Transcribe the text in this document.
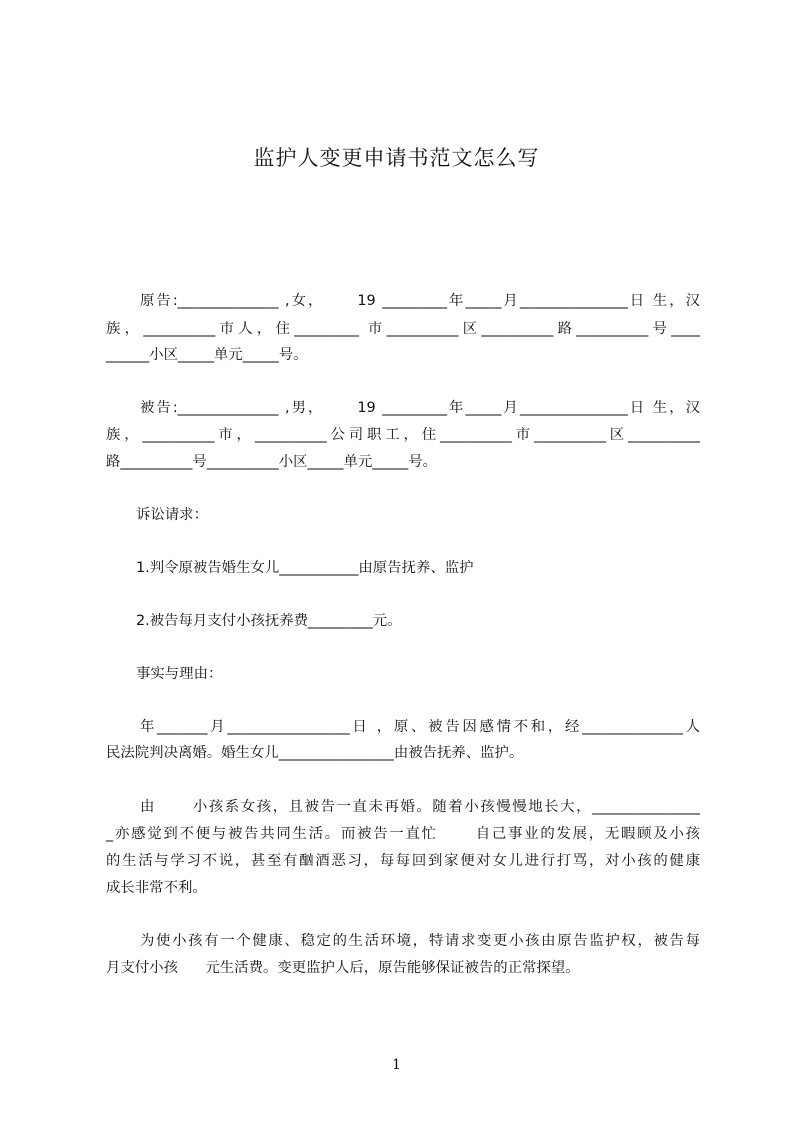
监护人变更申请书范文怎么写
原告:______________ ,女，     19 _________年_____月_______________日 生，汉
族，__________市人，住_________ 市__________区__________路__________号____
______小区_____单元_____号。
被告:______________ ,男，     19 _________年_____月_______________日 生，汉
族，__________市，__________公司职工，住__________市__________区__________
路__________号__________小区_____单元_____号。
诉讼请求：
1.判令原被告婚生女儿___________由原告抚养、监护
2.被告每月支付小孩抚养费_________元。
事实与理由：
年_______月_________________日 ，原、被告因感情不和，经______________人
民法院判决离婚。婚生女儿________________由被告抚养、监护。
由      小孩系女孩，且被告一直未再婚。随着小孩慢慢地长大，_______________
_亦感觉到不便与被告共同生活。而被告一直忙      自己事业的发展，无暇顾及小孩
的生活与学习不说，甚至有酗酒恶习，每每回到家便对女儿进行打骂，对小孩的健康
成长非常不利。
为使小孩有一个健康、稳定的生活环境，特请求变更小孩由原告监护权，被告每
月支付小孩      元生活费。变更监护人后，原告能够保证被告的正常探望。
1
